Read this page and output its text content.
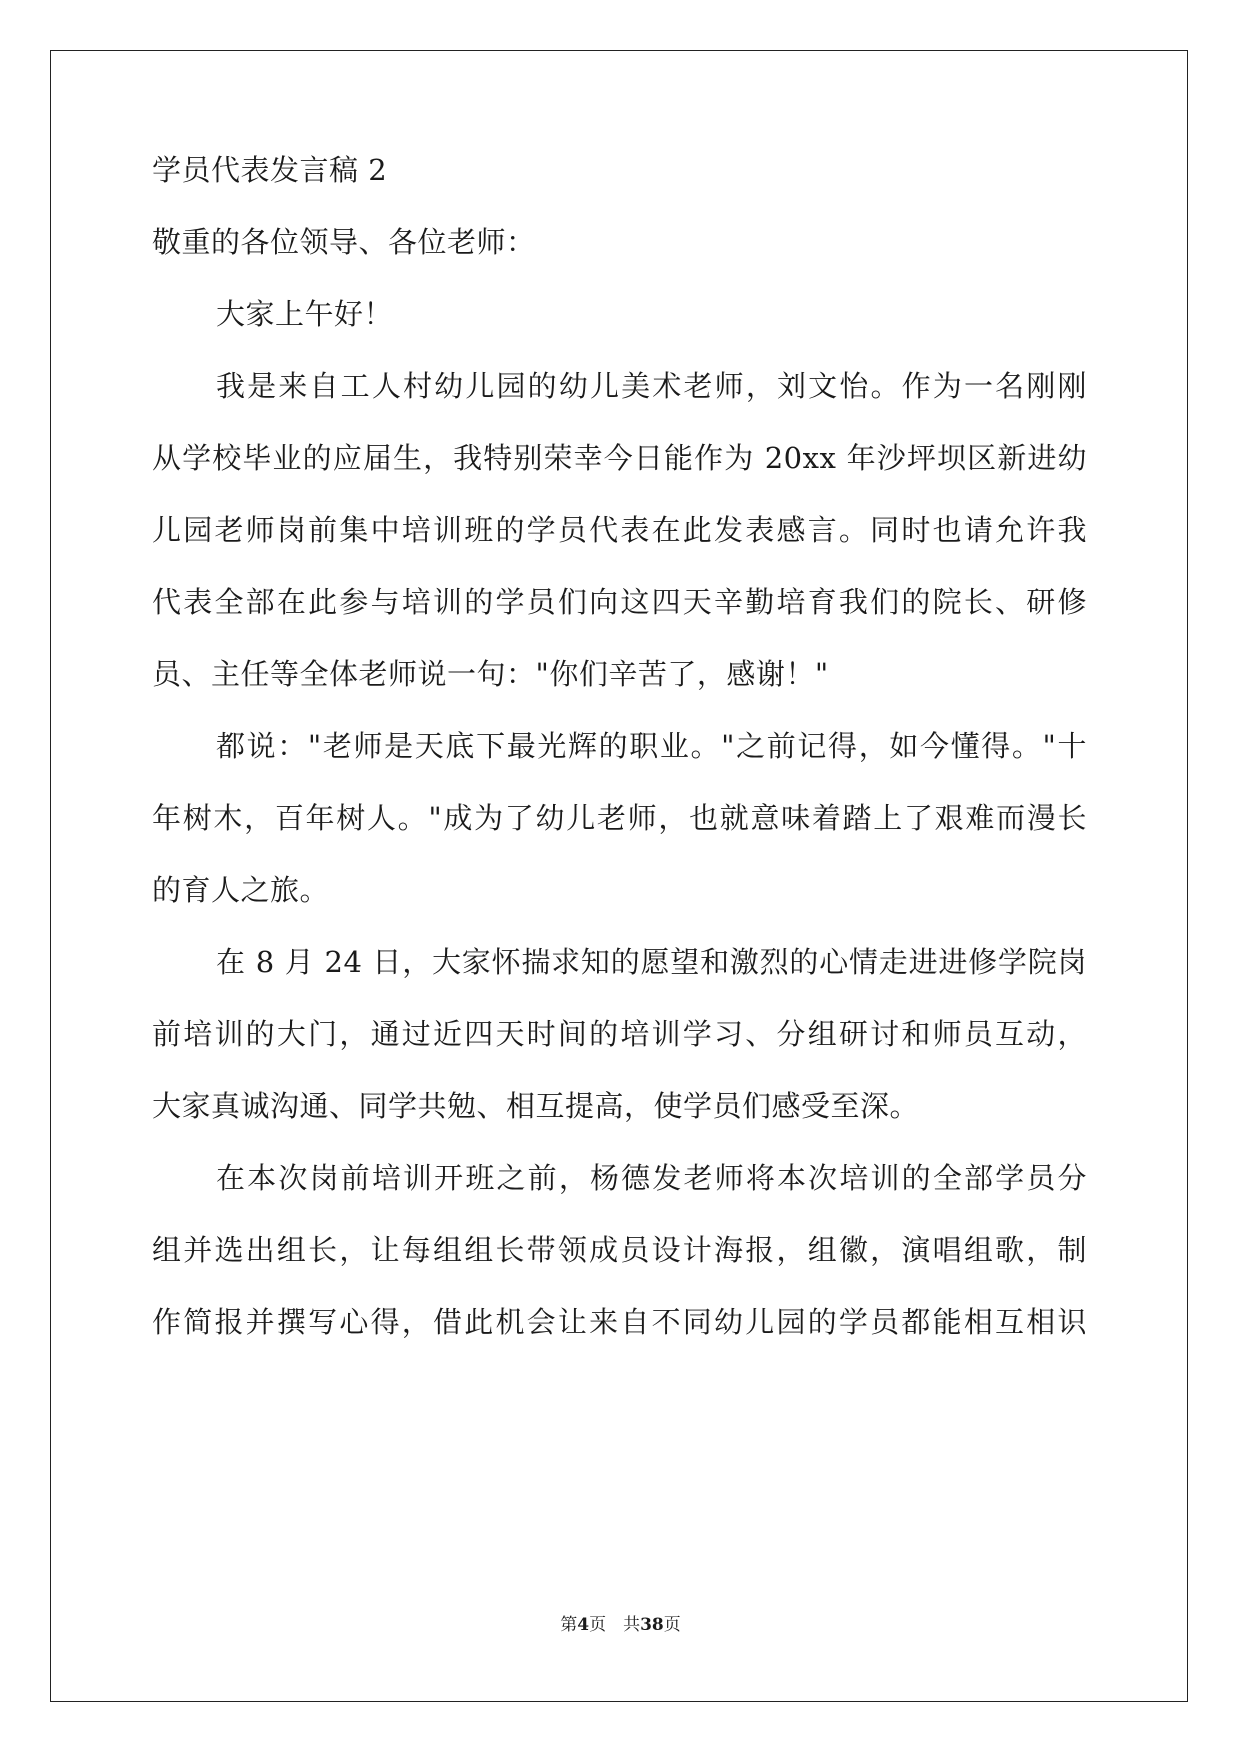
学员代表发言稿 2
敬重的各位领导、各位老师：
大家上午好！
我是来自工人村幼儿园的幼儿美术老师，刘文怡。作为一名刚刚
从学校毕业的应届生，我特别荣幸今日能作为 20xx 年沙坪坝区新进幼
儿园老师岗前集中培训班的学员代表在此发表感言。同时也请允许我
代表全部在此参与培训的学员们向这四天辛勤培育我们的院长、研修
员、主任等全体老师说一句："你们辛苦了，感谢！"
都说："老师是天底下最光辉的职业。"之前记得，如今懂得。"十
年树木，百年树人。"成为了幼儿老师，也就意味着踏上了艰难而漫长
的育人之旅。
在 8 月 24 日，大家怀揣求知的愿望和激烈的心情走进进修学院岗
前培训的大门，通过近四天时间的培训学习、分组研讨和师员互动，
大家真诚沟通、同学共勉、相互提高，使学员们感受至深。
在本次岗前培训开班之前，杨德发老师将本次培训的全部学员分
组并选出组长，让每组组长带领成员设计海报，组徽，演唱组歌，制
作简报并撰写心得，借此机会让来自不同幼儿园的学员都能相互相识
第4页　共38页
